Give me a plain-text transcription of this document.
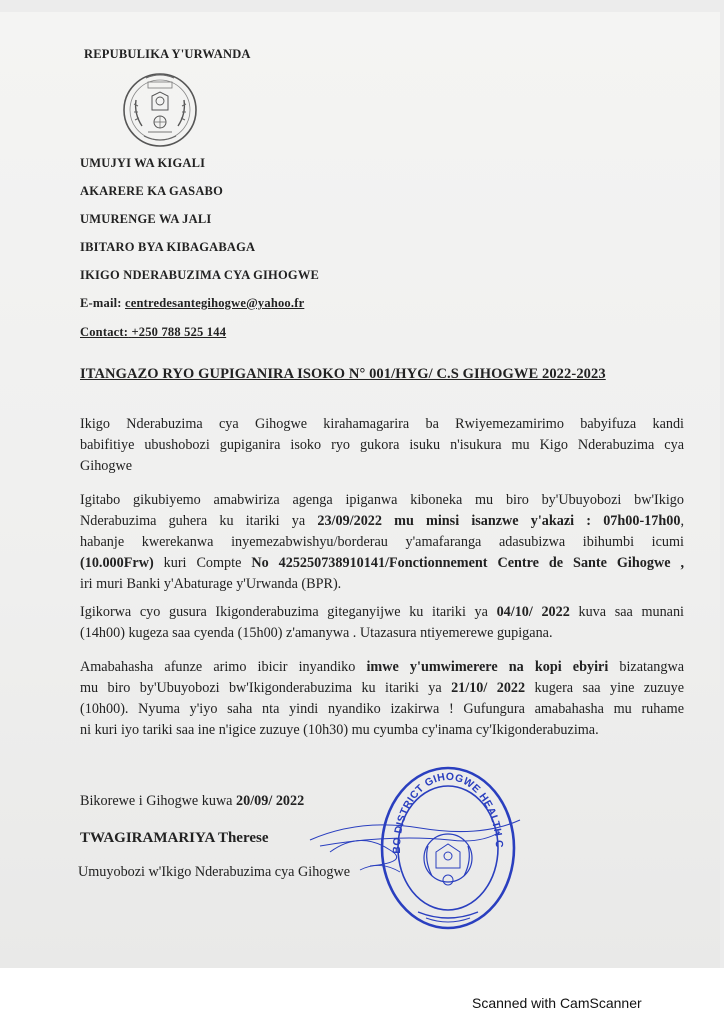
REPUBULIKA Y'URWANDA
UMUJYI WA KIGALI
AKARERE KA GASABO
UMURENGE WA JALI
IBITARO BYA KIBAGABAGA
IKIGO NDERABUZIMA CYA GIHOGWE
E-mail: centredesantegihogwe@yahoo.fr
Contact: +250 788 525 144
ITANGAZO RYO GUPIGANIRA ISOKO N° 001/HYG/ C.S GIHOGWE 2022-2023
Ikigo Nderabuzima cya Gihogwe kirahamagarira ba Rwiyemezamirimo babyifuza kandi
babifitiye ubushobozi gupiganira isoko ryo gukora isuku n'isukura mu Kigo Nderabuzima cya
Gihogwe
Igitabo gikubiyemo amabwiriza agenga ipiganwa kiboneka mu biro by'Ubuyobozi bw'Ikigo
Nderabuzima guhera ku itariki ya 23/09/2022 mu minsi isanzwe y'akazi : 07h00-17h00,
habanje kwerekanwa inyemezabwishyu/borderau y'amafaranga adasubizwa ibihumbi icumi
(10.000Frw) kuri Compte No 425250738910141/Fonctionnement Centre de Sante Gihogwe ,
iri muri Banki y'Abaturage y'Urwanda (BPR).
Igikorwa cyo gusura Ikigonderabuzima giteganyijwe ku itariki ya 04/10/ 2022 kuva saa munani
(14h00) kugeza saa cyenda (15h00) z'amanywa . Utazasura ntiyemerewe gupigana.
Amabahasha afunze arimo ibicir inyandiko imwe y'umwimerere na kopi ebyiri bizatangwa
mu biro by'Ubuyobozi bw'Ikigonderabuzima ku itariki ya 21/10/ 2022 kugera saa yine zuzuye
(10h00). Nyuma y'iyo saha nta yindi nyandiko izakirwa ! Gufungura amabahasha mu ruhame
ni kuri iyo tariki saa ine n'igice zuzuye (10h30) mu cyumba cy'inama cy'Ikigonderabuzima.
Bikorewe i Gihogwe kuwa 20/09/ 2022
TWAGIRAMARIYA Therese
Umuyobozi w'Ikigo Nderabuzima cya Gihogwe
BO DISTRICT GIHOGWE HEALTH C
Scanned with CamScanner
